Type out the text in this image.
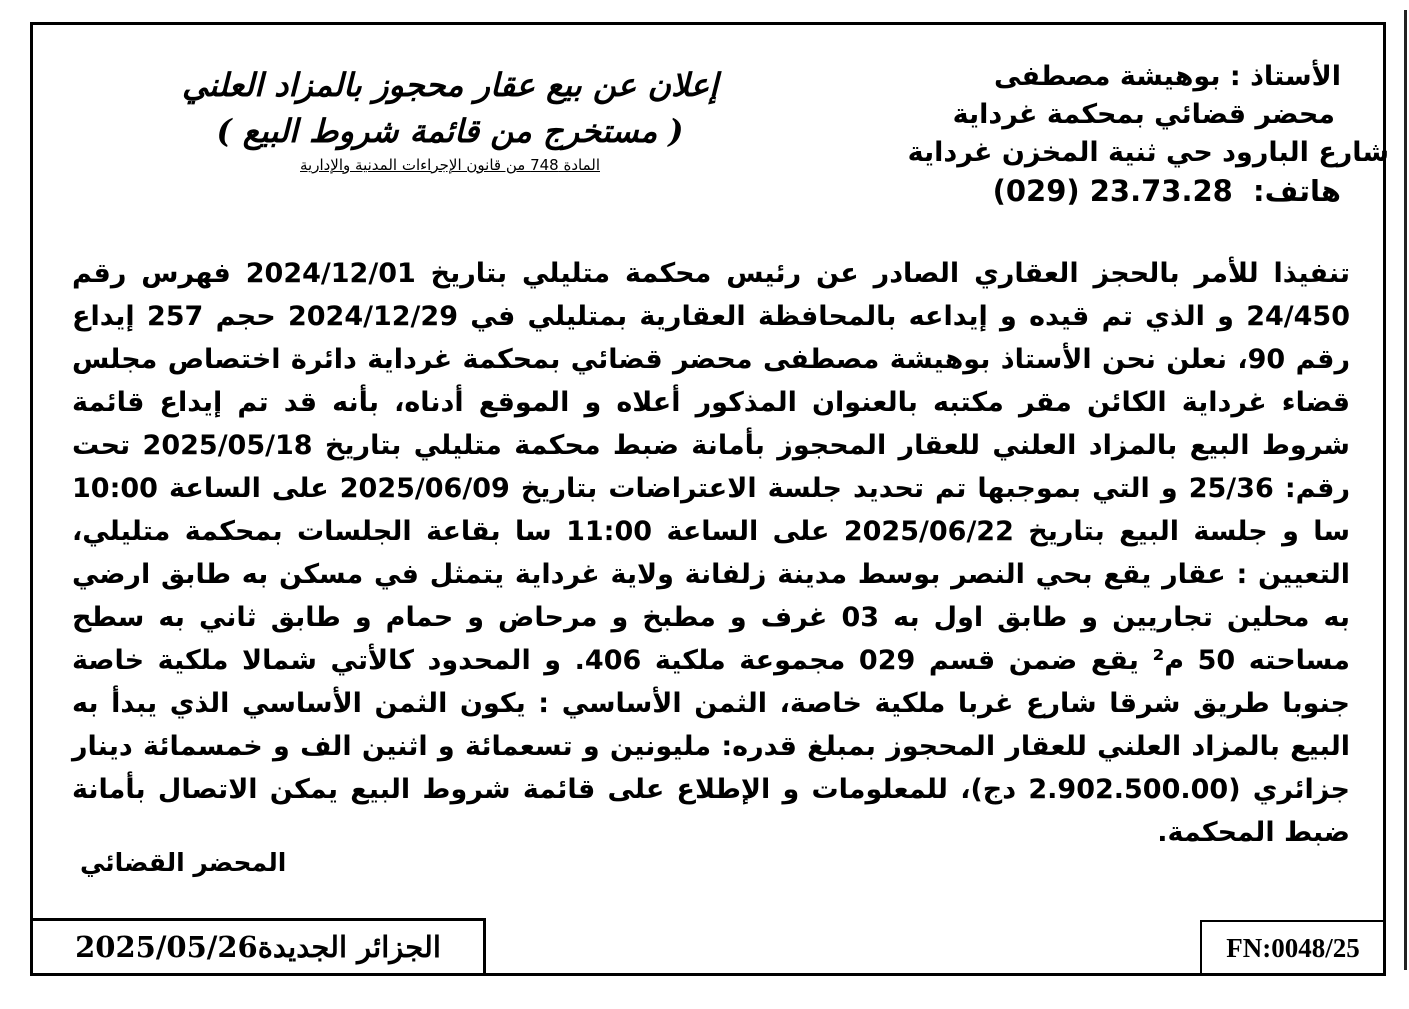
الأستاذ : بوهيشة مصطفى
محضر قضائي بمحكمة غرداية
شارع البارود حي ثنية المخزن غرداية
هاتف: (029) 23.73.28
إعلان عن بيع عقار محجوز بالمزاد العلني
( مستخرج من قائمة شروط البيع )
المادة 748 من قانون الإجراءات المدنية والإدارية
تنفيذا للأمر بالحجز العقاري الصادر عن رئيس محكمة متليلي بتاريخ 2024/12/01 فهرس رقم 24/450 و الذي تم قيده و إيداعه بالمحافظة العقارية بمتليلي في 2024/12/29 حجم 257 إيداع رقم 90، نعلن نحن الأستاذ بوهيشة مصطفى محضر قضائي بمحكمة غرداية دائرة اختصاص مجلس قضاء غرداية الكائن مقر مكتبه بالعنوان المذكور أعلاه و الموقع أدناه، بأنه قد تم إيداع قائمة شروط البيع بالمزاد العلني للعقار المحجوز بأمانة ضبط محكمة متليلي بتاريخ 2025/05/18 تحت رقم: 25/36 و التي بموجبها تم تحديد جلسة الاعتراضات بتاريخ 2025/06/09 على الساعة 10:00 سا و جلسة البيع بتاريخ 2025/06/22 على الساعة 11:00 سا بقاعة الجلسات بمحكمة متليلي، التعيين : عقار يقع بحي النصر بوسط مدينة زلفانة ولاية غرداية يتمثل في مسكن به طابق ارضي به محلين تجاريين و طابق اول به 03 غرف و مطبخ و مرحاض و حمام و طابق ثاني به سطح مساحته 50 م² يقع ضمن قسم 029 مجموعة ملكية 406. و المحدود كالأتي شمالا ملكية خاصة جنوبا طريق شرقا شارع غربا ملكية خاصة، الثمن الأساسي : يكون الثمن الأساسي الذي يبدأ به البيع بالمزاد العلني للعقار المحجوز بمبلغ قدره: مليونين و تسعمائة و اثنين الف و خمسمائة دينار جزائري (2.902.500.00 دج)، للمعلومات و الإطلاع على قائمة شروط البيع يمكن الاتصال بأمانة ضبط المحكمة.
المحضر القضائي
الجزائر الجديدة2025/05/26	FN:0048/25
